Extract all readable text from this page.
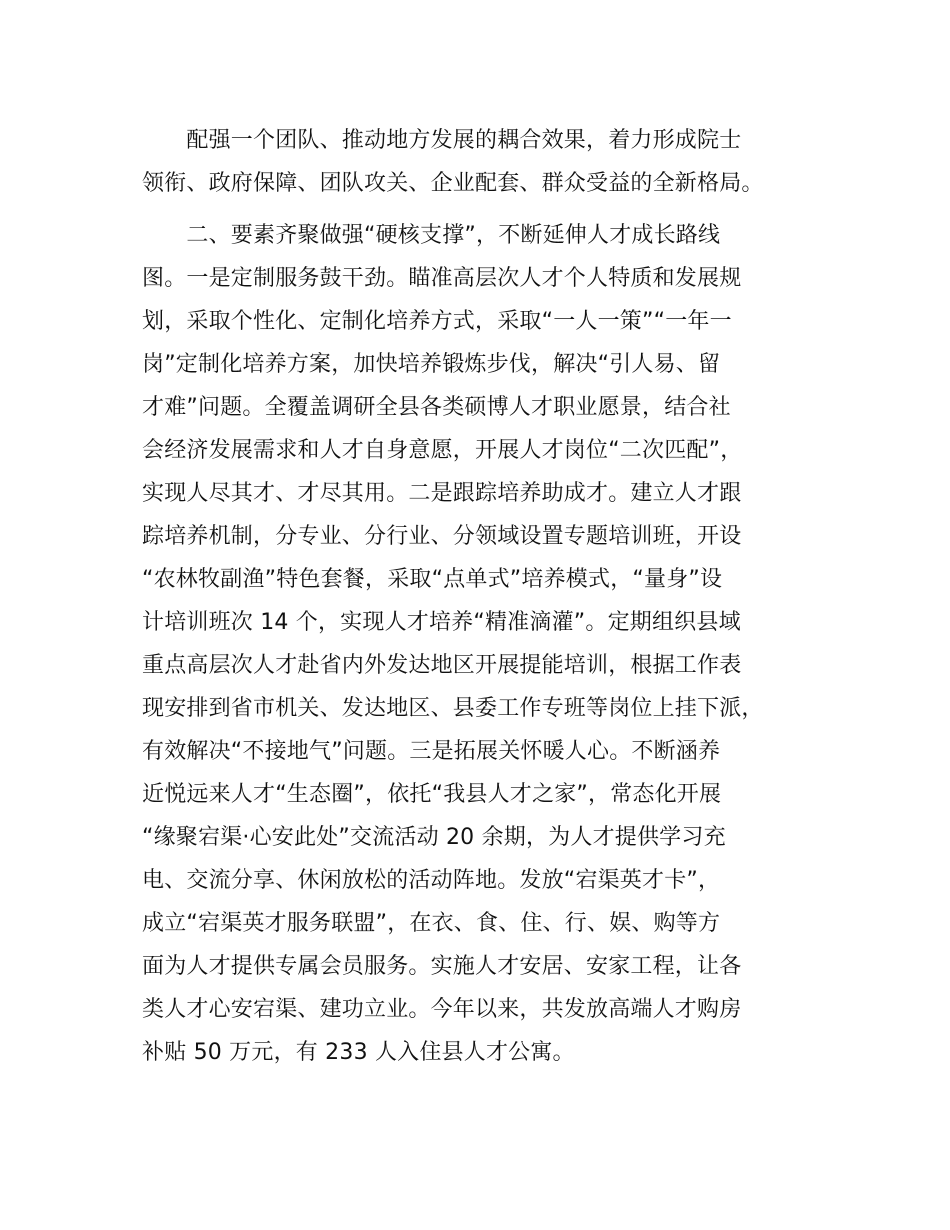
　　配强一个团队、推动地方发展的耦合效果，着力形成院士
领衔、政府保障、团队攻关、企业配套、群众受益的全新格局。
　　二、要素齐聚做强“硬核支撑”，不断延伸人才成长路线
图。一是定制服务鼓干劲。瞄准高层次人才个人特质和发展规
划，采取个性化、定制化培养方式，采取“一人一策”“一年一
岗”定制化培养方案，加快培养锻炼步伐，解决“引人易、留
才难”问题。全覆盖调研全县各类硕博人才职业愿景，结合社
会经济发展需求和人才自身意愿，开展人才岗位“二次匹配”，
实现人尽其才、才尽其用。二是跟踪培养助成才。建立人才跟
踪培养机制，分专业、分行业、分领域设置专题培训班，开设
“农林牧副渔”特色套餐，采取“点单式”培养模式，“量身”设
计培训班次 14 个，实现人才培养“精准滴灌”。定期组织县域
重点高层次人才赴省内外发达地区开展提能培训，根据工作表
现安排到省市机关、发达地区、县委工作专班等岗位上挂下派，
有效解决“不接地气”问题。三是拓展关怀暖人心。不断涵养
近悦远来人才“生态圈”，依托“我县人才之家”，常态化开展
“缘聚宕渠·心安此处”交流活动 20 余期，为人才提供学习充
电、交流分享、休闲放松的活动阵地。发放“宕渠英才卡”，
成立“宕渠英才服务联盟”，在衣、食、住、行、娱、购等方
面为人才提供专属会员服务。实施人才安居、安家工程，让各
类人才心安宕渠、建功立业。今年以来，共发放高端人才购房
补贴 50 万元，有 233 人入住县人才公寓。
